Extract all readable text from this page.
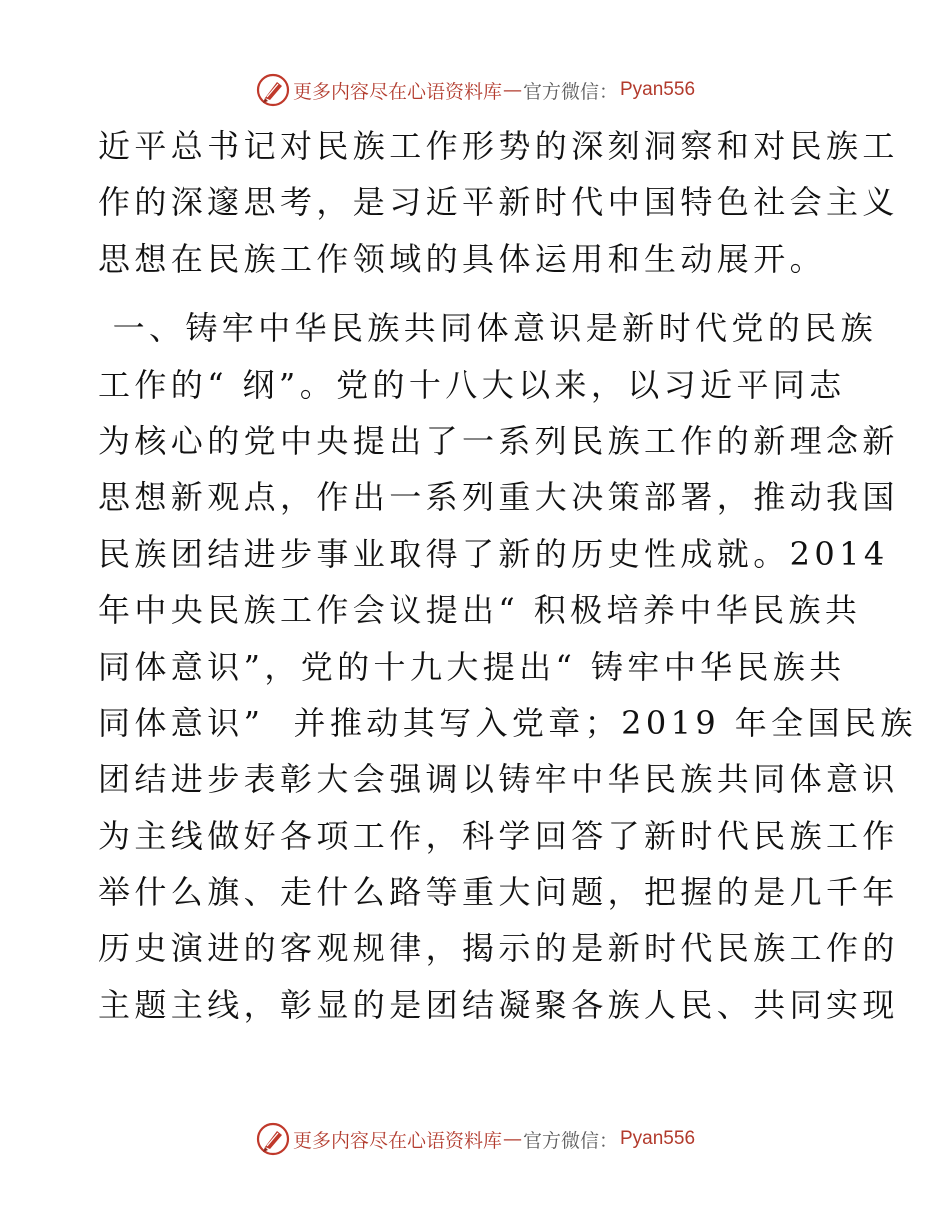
更多内容尽在心语资料库 — 官方微信： Pyan556
近平总书记对民族工作形势的深刻洞察和对民族工
作的深邃思考，是习近平新时代中国特色社会主义
思想在民族工作领域的具体运用和生动展开。
一、铸牢中华民族共同体意识是新时代党的民族
工作的“ 纲”。党的十八大以来，以习近平同志
为核心的党中央提出了一系列民族工作的新理念新
思想新观点，作出一系列重大决策部署，推动我国
民族团结进步事业取得了新的历史性成就。2014
年中央民族工作会议提出“ 积极培养中华民族共
同体意识”，党的十九大提出“ 铸牢中华民族共
同体意识”  并推动其写入党章；2019 年全国民族
团结进步表彰大会强调以铸牢中华民族共同体意识
为主线做好各项工作，科学回答了新时代民族工作
举什么旗、走什么路等重大问题，把握的是几千年
历史演进的客观规律，揭示的是新时代民族工作的
主题主线，彰显的是团结凝聚各族人民、共同实现
更多内容尽在心语资料库 — 官方微信： Pyan556
